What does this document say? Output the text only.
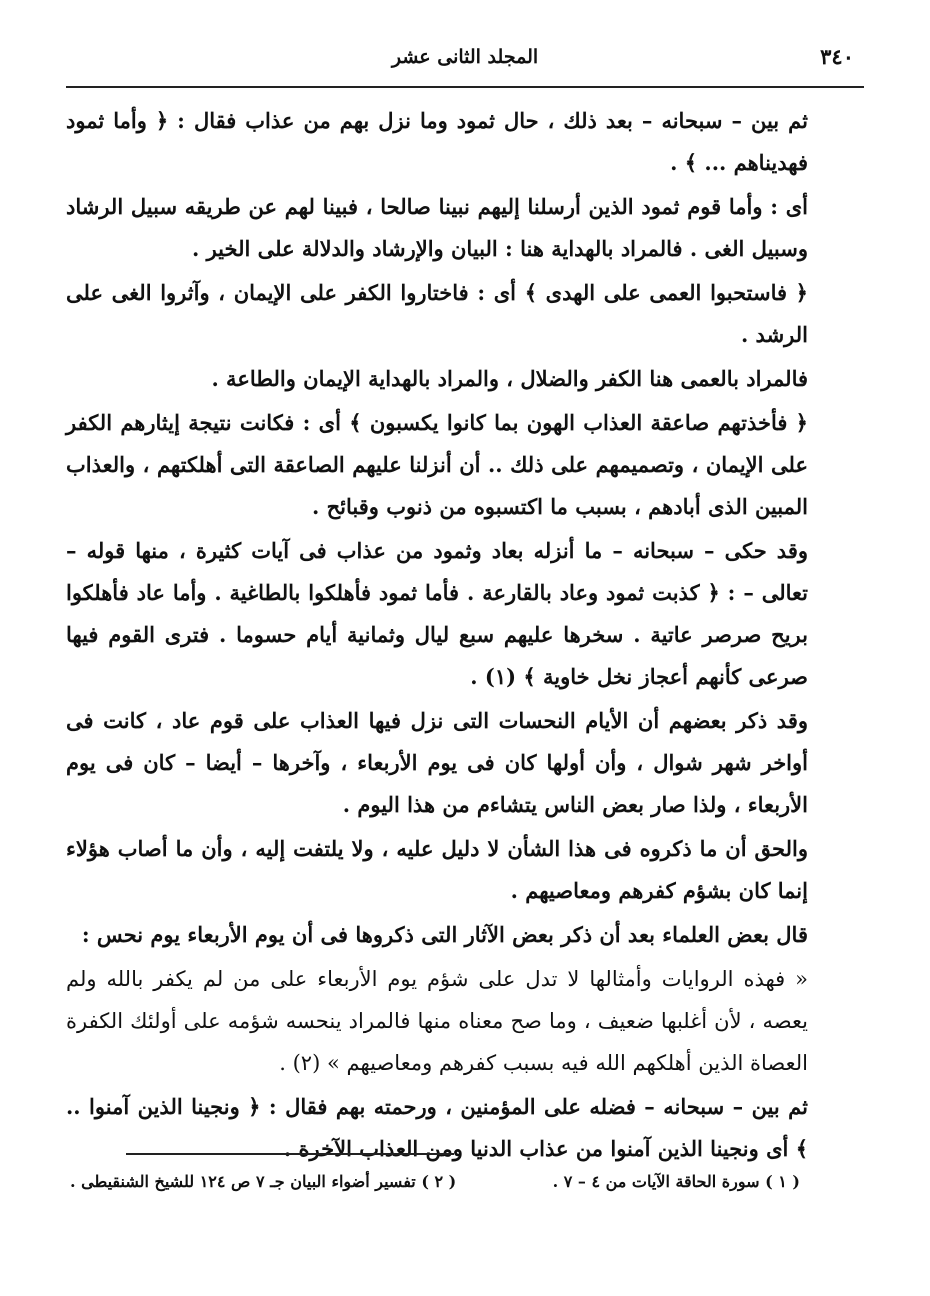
٣٤٠
المجلد الثانى عشر

ثم بين – سبحانه – بعد ذلك ، حال ثمود وما نزل بهم من عذاب فقال : ﴿ وأما ثمود فهديناهم ... ﴾ .

أى : وأما قوم ثمود الذين أرسلنا إليهم نبينا صالحا ، فبينا لهم عن طريقه سبيل الرشاد وسبيل الغى . فالمراد بالهداية هنا : البيان والإرشاد والدلالة على الخير .

﴿ فاستحبوا العمى على الهدى ﴾ أى : فاختاروا الكفر على الإيمان ، وآثروا الغى على الرشد .

فالمراد بالعمى هنا الكفر والضلال ، والمراد بالهداية الإيمان والطاعة .

﴿ فأخذتهم صاعقة العذاب الهون بما كانوا يكسبون ﴾ أى : فكانت نتيجة إيثارهم الكفر على الإيمان ، وتصميمهم على ذلك .. أن أنزلنا عليهم الصاعقة التى أهلكتهم ، والعذاب المبين الذى أبادهم ، بسبب ما اكتسبوه من ذنوب وقبائح .

وقد حكى – سبحانه – ما أنزله بعاد وثمود من عذاب فى آيات كثيرة ، منها قوله – تعالى – : ﴿ كذبت ثمود وعاد بالقارعة . فأما ثمود فأهلكوا بالطاغية . وأما عاد فأهلكوا بريح صرصر عاتية . سخرها عليهم سبع ليال وثمانية أيام حسوما . فترى القوم فيها صرعى كأنهم أعجاز نخل خاوية ﴾ (١) .

وقد ذكر بعضهم أن الأيام النحسات التى نزل فيها العذاب على قوم عاد ، كانت فى أواخر شهر شوال ، وأن أولها كان فى يوم الأربعاء ، وآخرها – أيضا – كان فى يوم الأربعاء ، ولذا صار بعض الناس يتشاءم من هذا اليوم .

والحق أن ما ذكروه فى هذا الشأن لا دليل عليه ، ولا يلتفت إليه ، وأن ما أصاب هؤلاء إنما كان بشؤم كفرهم ومعاصيهم .

قال بعض العلماء بعد أن ذكر بعض الآثار التى ذكروها فى أن يوم الأربعاء يوم نحس :

« فهذه الروايات وأمثالها لا تدل على شؤم يوم الأربعاء على من لم يكفر بالله ولم يعصه ، لأن أغلبها ضعيف ، وما صح معناه منها فالمراد ينحسه شؤمه على أولئك الكفرة العصاة الذين أهلكهم الله فيه بسبب كفرهم ومعاصيهم » (٢) .

ثم بين – سبحانه – فضله على المؤمنين ، ورحمته بهم فقال : ﴿ ونجينا الذين آمنوا .. ﴾ أى ونجينا الذين آمنوا من عذاب الدنيا ومن العذاب الآخرة .

( ١ ) سورة الحاقة الآيات من ٤ – ٧ .
( ٢ ) تفسير أضواء البيان جـ ٧ ص ١٢٤ للشيخ الشنقيطى .
